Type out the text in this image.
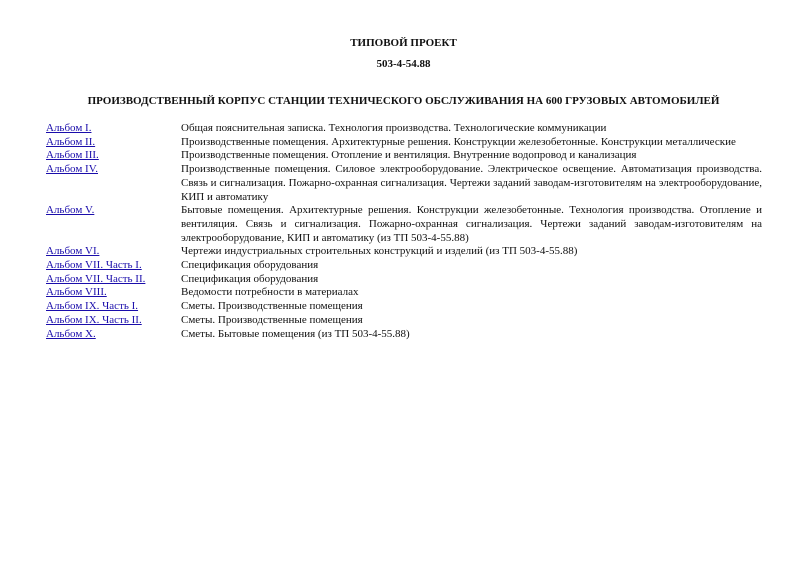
ТИПОВОЙ ПРОЕКТ
503-4-54.88
ПРОИЗВОДСТВЕННЫЙ КОРПУС СТАНЦИИ ТЕХНИЧЕСКОГО ОБСЛУЖИВАНИЯ НА 600 ГРУЗОВЫХ АВТОМОБИЛЕЙ
Альбом I.	Общая пояснительная записка. Технология производства. Технологические коммуникации
Альбом II.	Производственные помещения. Архитектурные решения. Конструкции железобетонные. Конструкции металлические
Альбом III.	Производственные помещения. Отопление и вентиляция. Внутренние водопровод и канализация
Альбом IV.	Производственные помещения. Силовое электрооборудование. Электрическое освещение. Автоматизация производства. Связь и сигнализация. Пожарно-охранная сигнализация. Чертежи заданий заводам-изготовителям на электрооборудование, КИП и автоматику
Альбом V.	Бытовые помещения. Архитектурные решения. Конструкции железобетонные. Технология производства. Отопление и вентиляция. Связь и сигнализация. Пожарно-охранная сигнализация. Чертежи заданий заводам-изготовителям на электрооборудование, КИП и автоматику (из ТП 503-4-55.88)
Альбом VI.	Чертежи индустриальных строительных конструкций и изделий (из ТП 503-4-55.88)
Альбом VII. Часть I.	Спецификация оборудования
Альбом VII. Часть II.	Спецификация оборудования
Альбом VIII.	Ведомости потребности в материалах
Альбом IX. Часть I.	Сметы. Производственные помещения
Альбом IX. Часть II.	Сметы. Производственные помещения
Альбом X.	Сметы. Бытовые помещения (из ТП 503-4-55.88)
